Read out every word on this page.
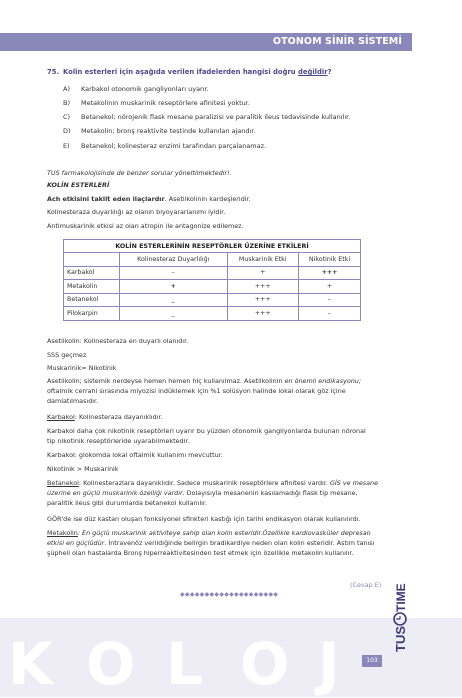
OTONOM SİNİR SİSTEMİ
75. Kolin esterleri için aşağıda verilen ifadelerden hangisi doğru değildir?
A) Karbakol otonomik gangliyonları uyarır.
B) Metakolinin muskarinik reseptörlere afinitesi yoktur.
C) Betanekol; nörojenik flask mesane paralizisi ve paralitik ileus tedavisinde kullanılır.
D) Metakolin; bronş reaktivite testinde kullanılan ajandır.
E) Betanekol; kolinesteraz enzimi tarafından parçalanamaz.
TUS farmakolojisinde de benzer sorular yöneltilmektedir!.
KOLİN ESTERLERİ
Ach etkisini taklit eden ilaçlardır. Asetilkolinin kardeşleridir.
Kolinesteraza duyarlılığı az olanın biyoyararlanımı iyidir.
Antimuskarinik etkisi az olan atropin ile antagonize edilemez.
KOLİN ESTERLERİNİN RESEPTÖRLER ÜZERİNE ETKİLERİ			
	Kolinesteraz Duyarlılığı	Muskarinik Etki	Nikotinik Etki
Karbakol	–	+	+++
Metakolin	+	+++	+
Betanekol	_	+++	–
Pilokarpin	_	+++	–
Asetilkolin: Kolinesteraza en duyarlı olanıdır.
SSS geçmez
Muskarinik= Nikotinik
Asetilkolin; sistemik nerdeyse hemen hemen hiç kullanılmaz. Asetilkolinin en önemli endikasyonu;
oftalmik cerrahi sırasında miyozisi indüklemek için %1 solüsyon halinde lokal olarak göz içine
damlatılmasıdır.
Karbakol: Kolinesteraza dayanıklıdır.
Karbakol daha çok nikotinik reseptörleri uyarır bu yüzden otonomik gangliyonlarda bulunan nöronal
tip nikotinik reseptörleride uyarabilmektedir.
Karbakol: glokomda lokal oftalmik kullanımı mevcuttur.
Nikotinik > Muskarinik
Betanekol: Kolinesterazlara dayanıklıdır. Sadece muskarinik reseptörlere afinitesi vardır. GİS ve mesane
üzerine en güçlü muskarinik özelliği vardır. Dolayısıyla mesanenin kasılamadığı flask tip mesane,
paralitik ileus gibi durumlarda betanekol kullanılır.
GÖR'de ise düz kastan oluşan fonksiyonel sfinkteri kastığı için tarihi endikasyon olarak kullanılırdı.
Metakolin: En güçlü muskarinik aktiviteye sahip olan kolin esteridir.Özellikle kardiovasküler depresan
etkisi en güçlüdür. İntravenöz verildiğinde belirgin bradikardiye neden olan kolin esteridir. Astım tanısı
şüpheli olan hastalarda Bronş hiperreaktivitesinden test etmek için özellikle metakolin kullanılır.
(Cevap E)
◆◆◆◆◆◆◆◆◆◆◆◆◆◆◆◆◆◆◆◆
K O L O J	103
TUS
TIME
